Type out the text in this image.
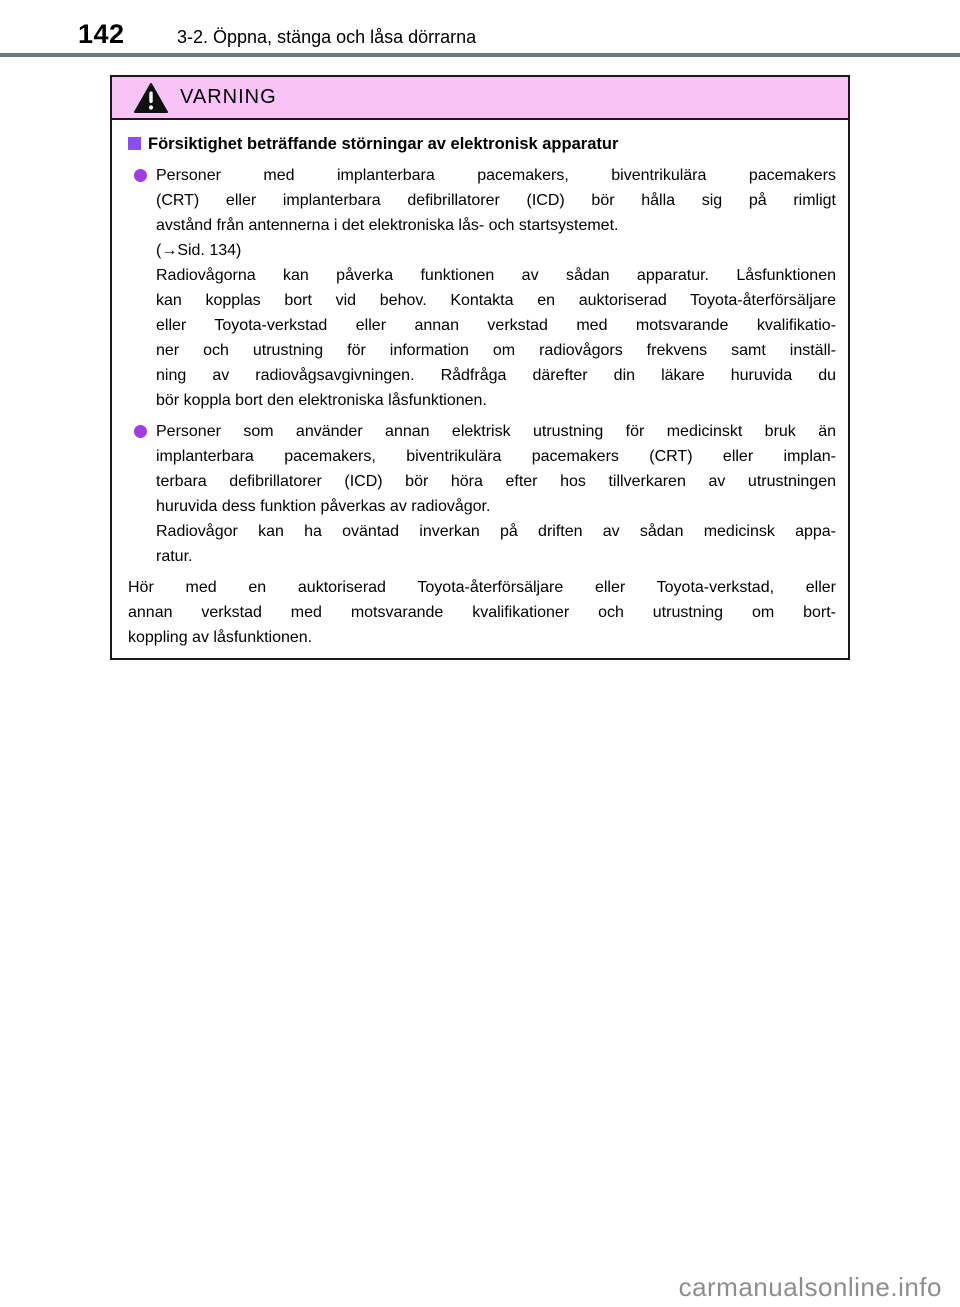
142	3-2. Öppna, stänga och låsa dörrarna
VARNING
Försiktighet beträffande störningar av elektronisk apparatur
Personer med implanterbara pacemakers, biventrikulära pacemakers
(CRT) eller implanterbara defibrillatorer (ICD) bör hålla sig på rimligt
avstånd från antennerna i det elektroniska lås- och startsystemet.
(→Sid. 134)
Radiovågorna kan påverka funktionen av sådan apparatur. Låsfunktionen
kan kopplas bort vid behov. Kontakta en auktoriserad Toyota-återförsäljare
eller Toyota-verkstad eller annan verkstad med motsvarande kvalifikatio-
ner och utrustning för information om radiovågors frekvens samt inställ-
ning av radiovågsavgivningen. Rådfråga därefter din läkare huruvida du
bör koppla bort den elektroniska låsfunktionen.
Personer som använder annan elektrisk utrustning för medicinskt bruk än
implanterbara pacemakers, biventrikulära pacemakers (CRT) eller implan-
terbara defibrillatorer (ICD) bör höra efter hos tillverkaren av utrustningen
huruvida dess funktion påverkas av radiovågor.
Radiovågor kan ha oväntad inverkan på driften av sådan medicinsk appa-
ratur.
Hör med en auktoriserad Toyota-återförsäljare eller Toyota-verkstad, eller
annan verkstad med motsvarande kvalifikationer och utrustning om bort-
koppling av låsfunktionen.
carmanualsonline.info
